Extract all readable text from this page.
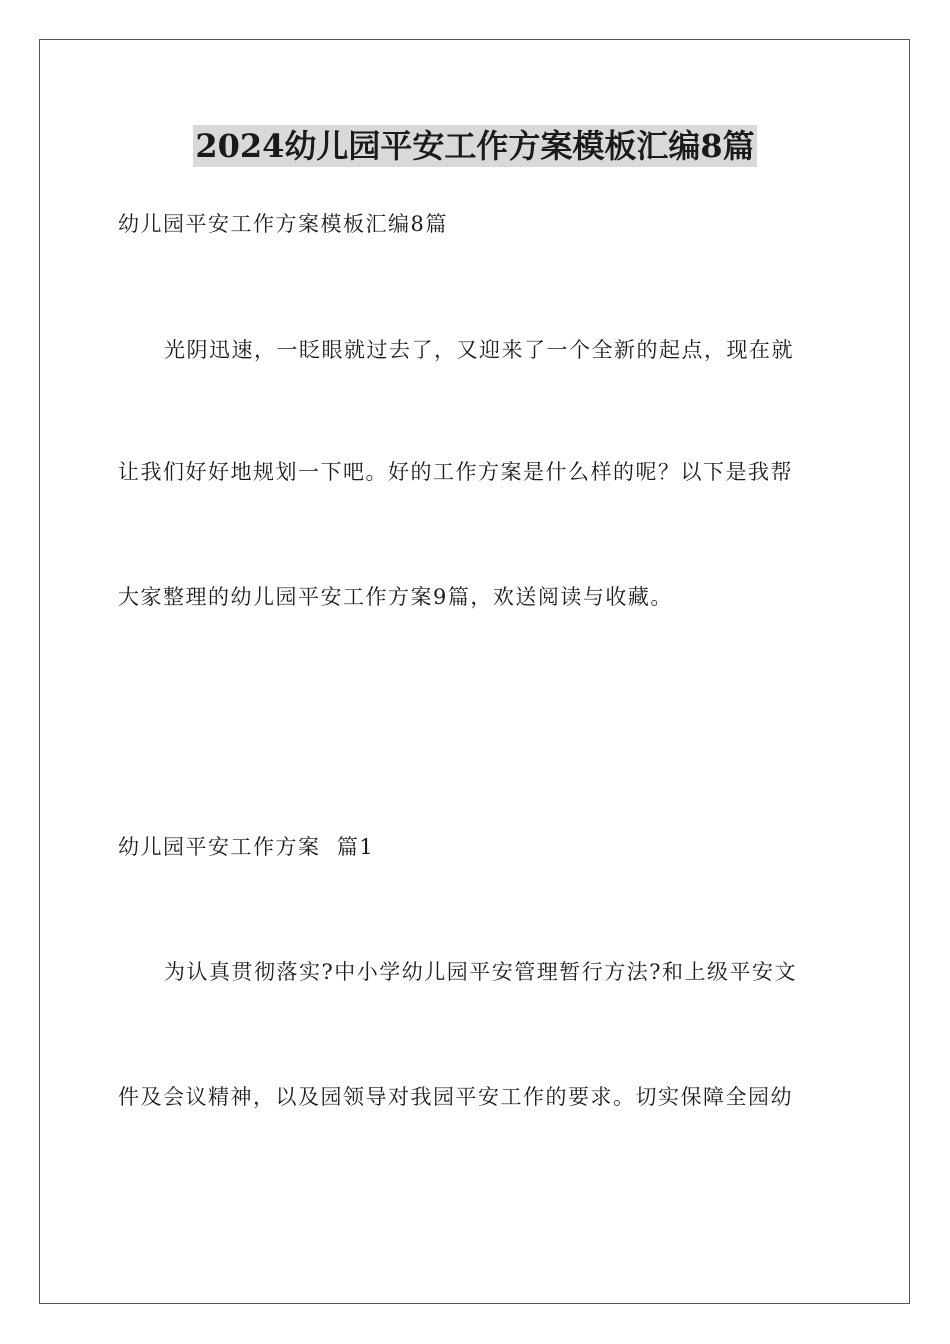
2024幼儿园平安工作方案模板汇编8篇
幼儿园平安工作方案模板汇编8篇
光阴迅速，一眨眼就过去了，又迎来了一个全新的起点，现在就
让我们好好地规划一下吧。好的工作方案是什么样的呢？以下是我帮
大家整理的幼儿园平安工作方案9篇，欢送阅读与收藏。
幼儿园平安工作方案  篇1
为认真贯彻落实?中小学幼儿园平安管理暂行方法?和上级平安文
件及会议精神，以及园领导对我园平安工作的要求。切实保障全园幼
